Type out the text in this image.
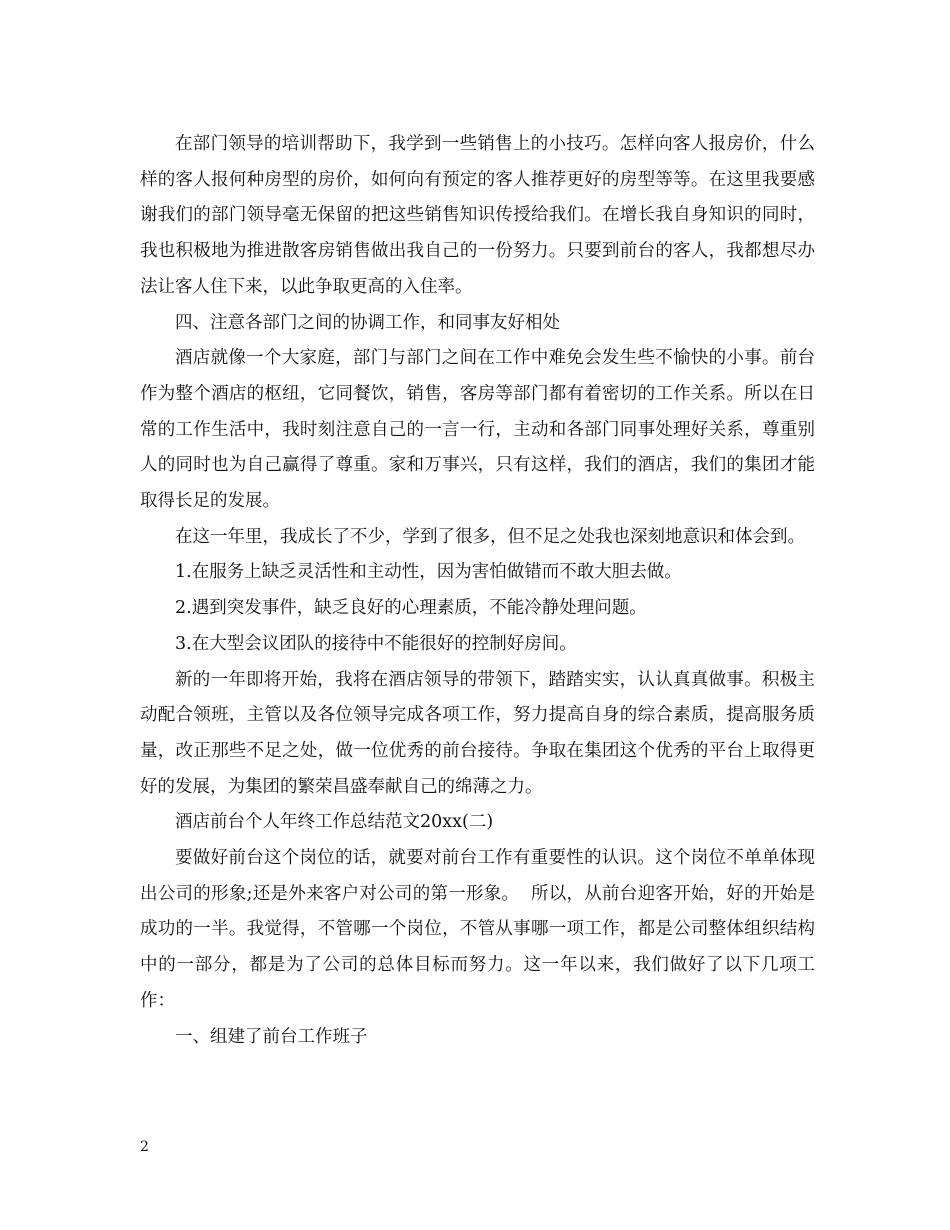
在部门领导的培训帮助下，我学到一些销售上的小技巧。怎样向客人报房价，什么样的客人报何种房型的房价，如何向有预定的客人推荐更好的房型等等。在这里我要感谢我们的部门领导毫无保留的把这些销售知识传授给我们。在增长我自身知识的同时，我也积极地为推进散客房销售做出我自己的一份努力。只要到前台的客人，我都想尽办法让客人住下来，以此争取更高的入住率。

四、注意各部门之间的协调工作，和同事友好相处

酒店就像一个大家庭，部门与部门之间在工作中难免会发生些不愉快的小事。前台作为整个酒店的枢纽，它同餐饮，销售，客房等部门都有着密切的工作关系。所以在日常的工作生活中，我时刻注意自己的一言一行，主动和各部门同事处理好关系，尊重别人的同时也为自己赢得了尊重。家和万事兴，只有这样，我们的酒店，我们的集团才能取得长足的发展。

在这一年里，我成长了不少，学到了很多，但不足之处我也深刻地意识和体会到。

1.在服务上缺乏灵活性和主动性，因为害怕做错而不敢大胆去做。

2.遇到突发事件，缺乏良好的心理素质，不能冷静处理问题。

3.在大型会议团队的接待中不能很好的控制好房间。

新的一年即将开始，我将在酒店领导的带领下，踏踏实实，认认真真做事。积极主动配合领班，主管以及各位领导完成各项工作，努力提高自身的综合素质，提高服务质量，改正那些不足之处，做一位优秀的前台接待。争取在集团这个优秀的平台上取得更好的发展，为集团的繁荣昌盛奉献自己的绵薄之力。

酒店前台个人年终工作总结范文20xx(二)

要做好前台这个岗位的话，就要对前台工作有重要性的认识。这个岗位不单单体现出公司的形象;还是外来客户对公司的第一形象。  所以，从前台迎客开始，好的开始是成功的一半。我觉得，不管哪一个岗位，不管从事哪一项工作，都是公司整体组织结构中的一部分，都是为了公司的总体目标而努力。这一年以来，我们做好了以下几项工作：

一、组建了前台工作班子

2
